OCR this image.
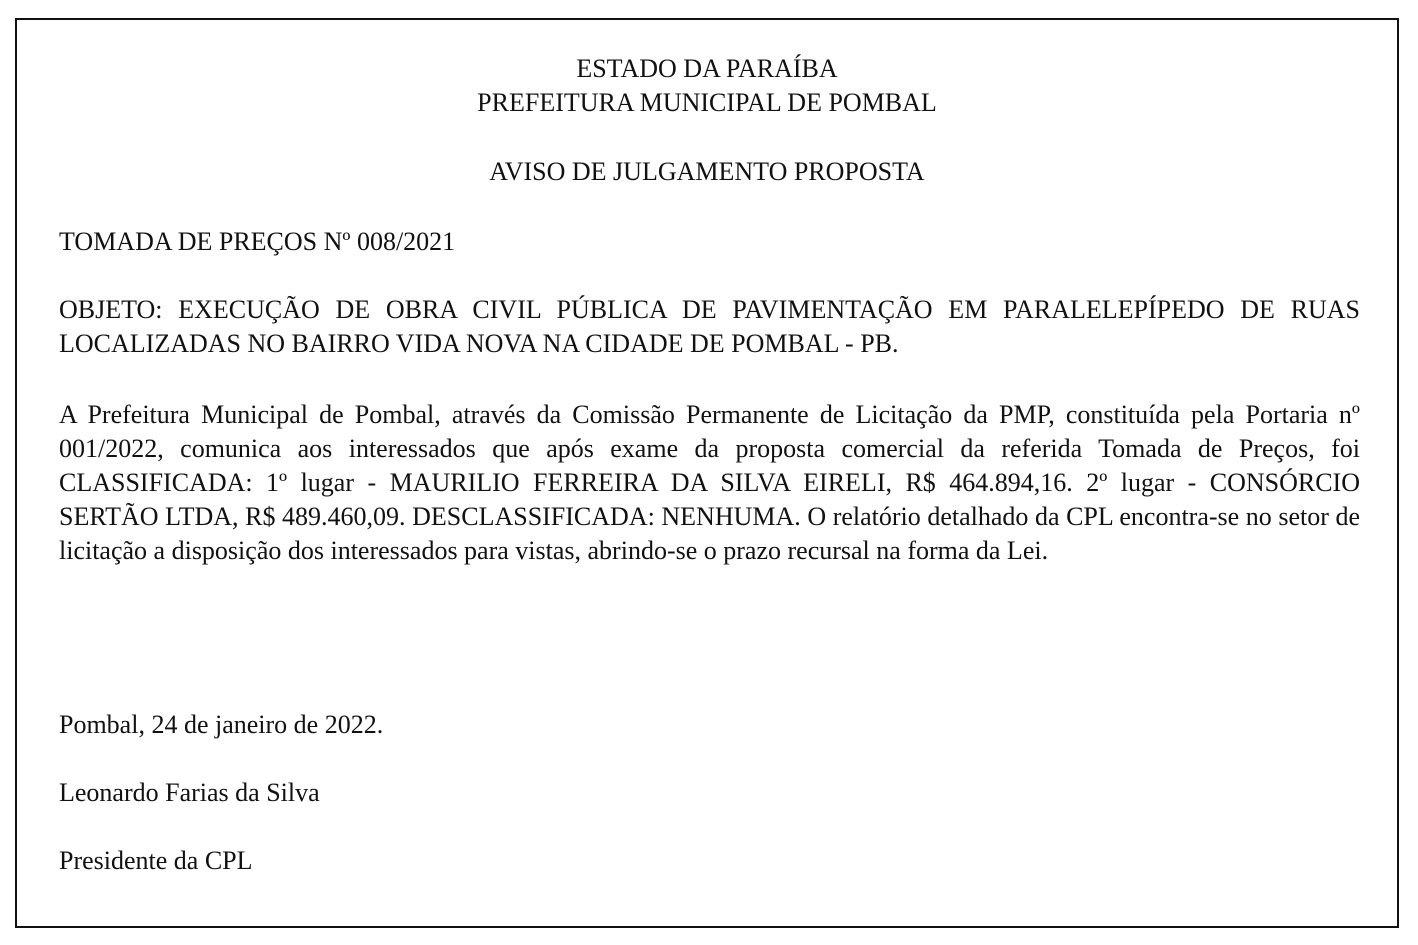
ESTADO DA PARAÍBA
PREFEITURA MUNICIPAL DE POMBAL
AVISO DE JULGAMENTO PROPOSTA
TOMADA DE PREÇOS Nº 008/2021
OBJETO: EXECUÇÃO DE OBRA CIVIL PÚBLICA DE PAVIMENTAÇÃO EM PARALELEPÍPEDO DE RUAS LOCALIZADAS NO BAIRRO VIDA NOVA NA CIDADE DE POMBAL - PB.
A Prefeitura Municipal de Pombal, através da Comissão Permanente de Licitação da PMP, constituída pela Portaria nº 001/2022, comunica aos interessados que após exame da proposta comercial da referida Tomada de Preços, foi CLASSIFICADA: 1º lugar - MAURILIO FERREIRA DA SILVA EIRELI, R$ 464.894,16. 2º lugar - CONSÓRCIO SERTÃO LTDA, R$ 489.460,09. DESCLASSIFICADA: NENHUMA. O relatório detalhado da CPL encontra-se no setor de licitação a disposição dos interessados para vistas, abrindo-se o prazo recursal na forma da Lei.
Pombal, 24 de janeiro de 2022.
Leonardo Farias da Silva
Presidente da CPL
